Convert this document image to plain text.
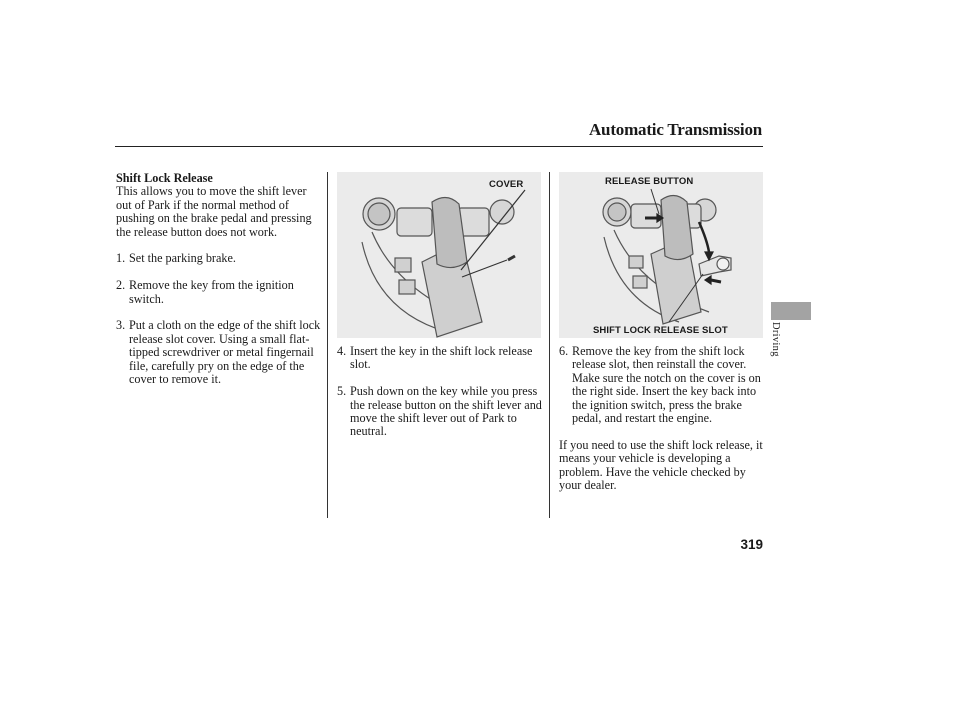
Automatic Transmission

Shift Lock Release

This allows you to move the shift lever out of Park if the normal method of pushing on the brake pedal and pressing the release button does not work.

1. Set the parking brake.
2. Remove the key from the ignition switch.
3. Put a cloth on the edge of the shift lock release slot cover. Using a small flat-tipped screwdriver or metal fingernail file, carefully pry on the edge of the cover to remove it.
COVER
4. Insert the key in the shift lock release slot.
5. Push down on the key while you press the release button on the shift lever and move the shift lever out of Park to neutral.
RELEASE BUTTON
SHIFT LOCK RELEASE SLOT
6. Remove the key from the shift lock release slot, then reinstall the cover. Make sure the notch on the cover is on the right side. Insert the key back into the ignition switch, press the brake pedal, and restart the engine.

If you need to use the shift lock release, it means your vehicle is developing a problem. Have the vehicle checked by your dealer.

Driving
319
